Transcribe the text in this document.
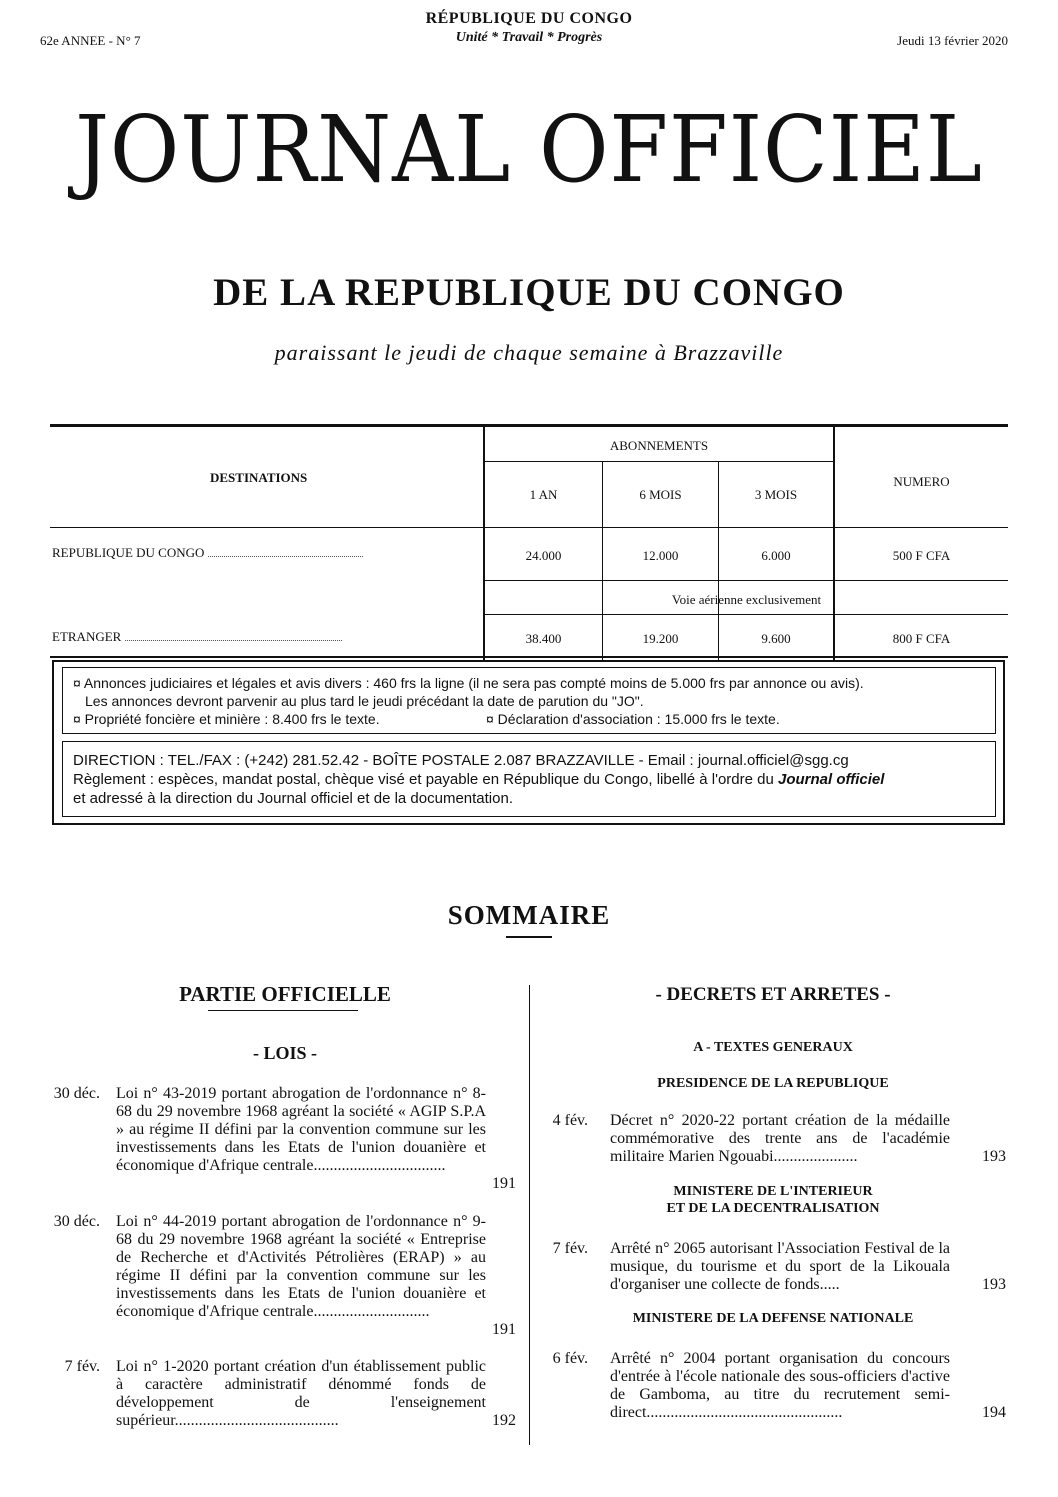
62e ANNEE - N° 7
RÉPUBLIQUE DU CONGO
Unité * Travail * Progrès	Jeudi 13 février 2020
JOURNAL OFFICIEL
DE LA REPUBLIQUE DU CONGO
paraissant le jeudi de chaque semaine à Brazzaville
DESTINATIONS
ABONNEMENTS
NUMERO
1 AN	6 MOIS	3 MOIS
REPUBLIQUE DU CONGO ..............................................................................	24.000	12.000	6.000	500 F CFA
Voie aérienne exclusivement
ETRANGER .............................................................................................................	38.400	19.200	9.600	800 F CFA
¤ Annonces judiciaires et légales et avis divers : 460 frs la ligne (il ne sera pas compté moins de 5.000 frs par annonce ou avis).
Les annonces devront parvenir au plus tard le jeudi précédant la date de parution du "JO".
¤ Propriété foncière et minière : 8.400 frs le texte.	¤ Déclaration d'association : 15.000 frs le texte.
DIRECTION : TEL./FAX : (+242) 281.52.42 - BOÎTE POSTALE 2.087 BRAZZAVILLE - Email : journal.officiel@sgg.cg
Règlement : espèces, mandat postal, chèque visé et payable en République du Congo, libellé à l'ordre du Journal officiel
et adressé à la direction du Journal officiel et de la documentation.
SOMMAIRE
PARTIE OFFICIELLE
- LOIS -
30 déc. Loi n° 43-2019 portant abrogation de l'ordonnance n° 8-68 du 29 novembre 1968 agréant la société « AGIP S.P.A » au régime II défini par la convention commune sur les investissements dans les Etats de l'union douanière et économique d'Afrique centrale.................................
191
30 déc. Loi n° 44-2019 portant abrogation de l'ordonnance n° 9-68 du 29 novembre 1968 agréant la société « Entreprise de Recherche et d'Activités Pétrolières (ERAP) » au régime II défini par la convention commune sur les investissements dans les Etats de l'union douanière et économique d'Afrique centrale.............................
191
7 fév. Loi n° 1-2020 portant création d'un établissement public à caractère administratif dénommé fonds de développement de l'enseignement supérieur.........................................	192
- DECRETS ET ARRETES -
A - TEXTES GENERAUX
PRESIDENCE DE LA REPUBLIQUE
4 fév. Décret n° 2020-22 portant création de la médaille commémorative des trente ans de l'académie militaire Marien Ngouabi.....................	193
MINISTERE DE L'INTERIEUR
ET DE LA DECENTRALISATION
7 fév. Arrêté n° 2065 autorisant l'Association Festival de la musique, du tourisme et du sport de la Likouala d'organiser une collecte de fonds.....	193
MINISTERE DE LA DEFENSE NATIONALE
6 fév. Arrêté n° 2004 portant organisation du concours d'entrée à l'école nationale des sous-officiers d'active de Gamboma, au titre du recrutement semi-direct.................................................	194
